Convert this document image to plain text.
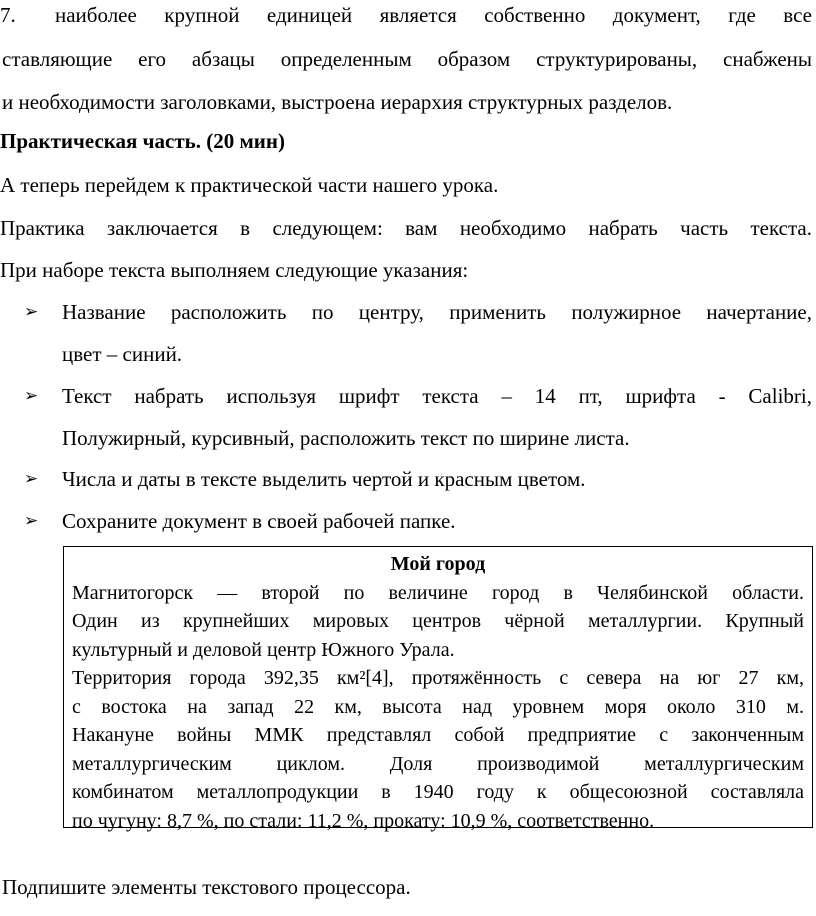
7. наиболее крупной единицей является собственно документ, где все
ставляющие его абзацы определенным образом структурированы, снабжены
и необходимости заголовками, выстроена иерархия структурных разделов.
Практическая часть. (20 мин)
А теперь перейдем к практической части нашего урока.
Практика заключается в следующем: вам необходимо набрать часть текста.
При наборе текста выполняем следующие указания:
➢	Название расположить по центру, применить полужирное начертание,
цвет – синий.
➢	Текст набрать используя шрифт текста – 14 пт, шрифта - Calibri,
Полужирный, курсивный, расположить текст по ширине листа.
➢	Числа и даты в тексте выделить чертой и красным цветом.
➢	Сохраните документ в своей рабочей папке.
Мой город
Магнитогорск — второй по величине город в Челябинской области.
Один из крупнейших мировых центров чёрной металлургии. Крупный
культурный и деловой центр Южного Урала.
Территория города 392,35 км²[4], протяжённость с севера на юг 27 км,
с востока на запад 22 км, высота над уровнем моря около 310 м.
Накануне войны ММК представлял собой предприятие с законченным
металлургическим циклом. Доля производимой металлургическим
комбинатом металлопродукции в 1940 году к общесоюзной составляла
по чугуну: 8,7 %, по стали: 11,2 %, прокату: 10,9 %, соответственно.
Подпишите элементы текстового процессора.
